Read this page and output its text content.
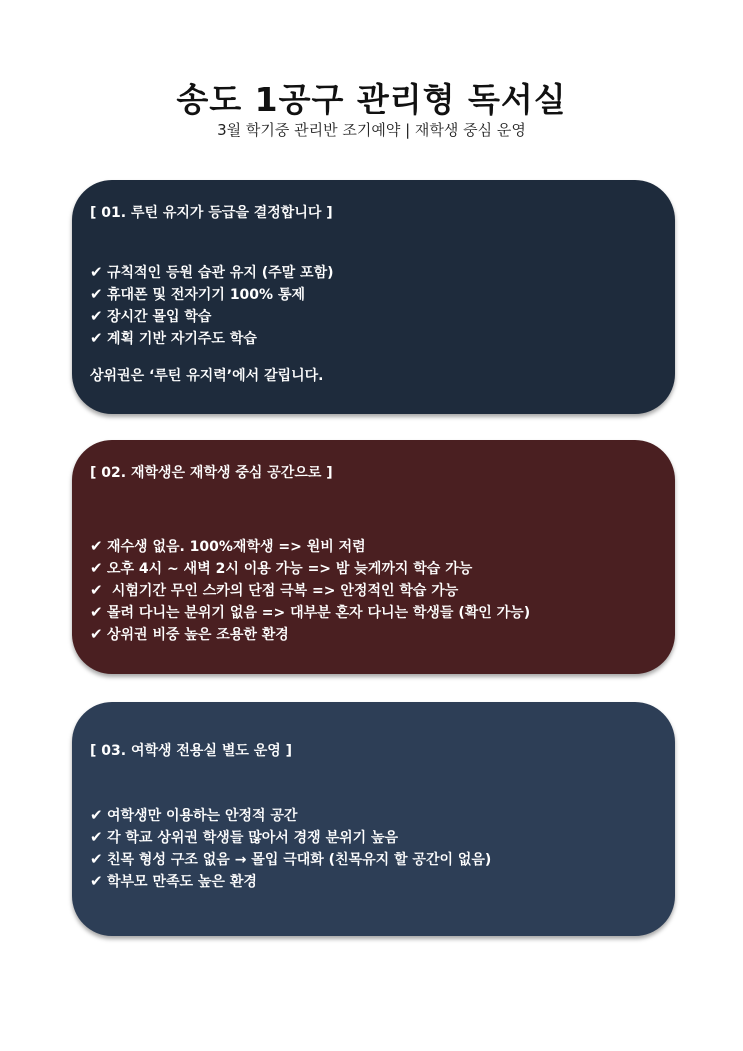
송도 1공구 관리형 독서실
3월 학기중 관리반 조기예약 | 재학생 중심 운영
[ 01. 루틴 유지가 등급을 결정합니다 ]
✔ 규칙적인 등원 습관 유지 (주말 포함)
✔ 휴대폰 및 전자기기 100% 통제
✔ 장시간 몰입 학습
✔ 계획 기반 자기주도 학습
상위권은 ‘루틴 유지력’에서 갈립니다.
[ 02. 재학생은 재학생 중심 공간으로 ]
✔ 재수생 없음. 100%재학생 => 원비 저렴
✔ 오후 4시 ~ 새벽 2시 이용 가능 => 밤 늦게까지 학습 가능
✔ 시험기간 무인 스카의 단점 극복 => 안정적인 학습 가능
✔ 몰려 다니는 분위기 없음 => 대부분 혼자 다니는 학생들 (확인 가능)
✔ 상위권 비중 높은 조용한 환경
[ 03. 여학생 전용실 별도 운영 ]
✔ 여학생만 이용하는 안정적 공간
✔ 각 학교 상위권 학생들 많아서 경쟁 분위기 높음
✔ 친목 형성 구조 없음 → 몰입 극대화 (친목유지 할 공간이 없음)
✔ 학부모 만족도 높은 환경
